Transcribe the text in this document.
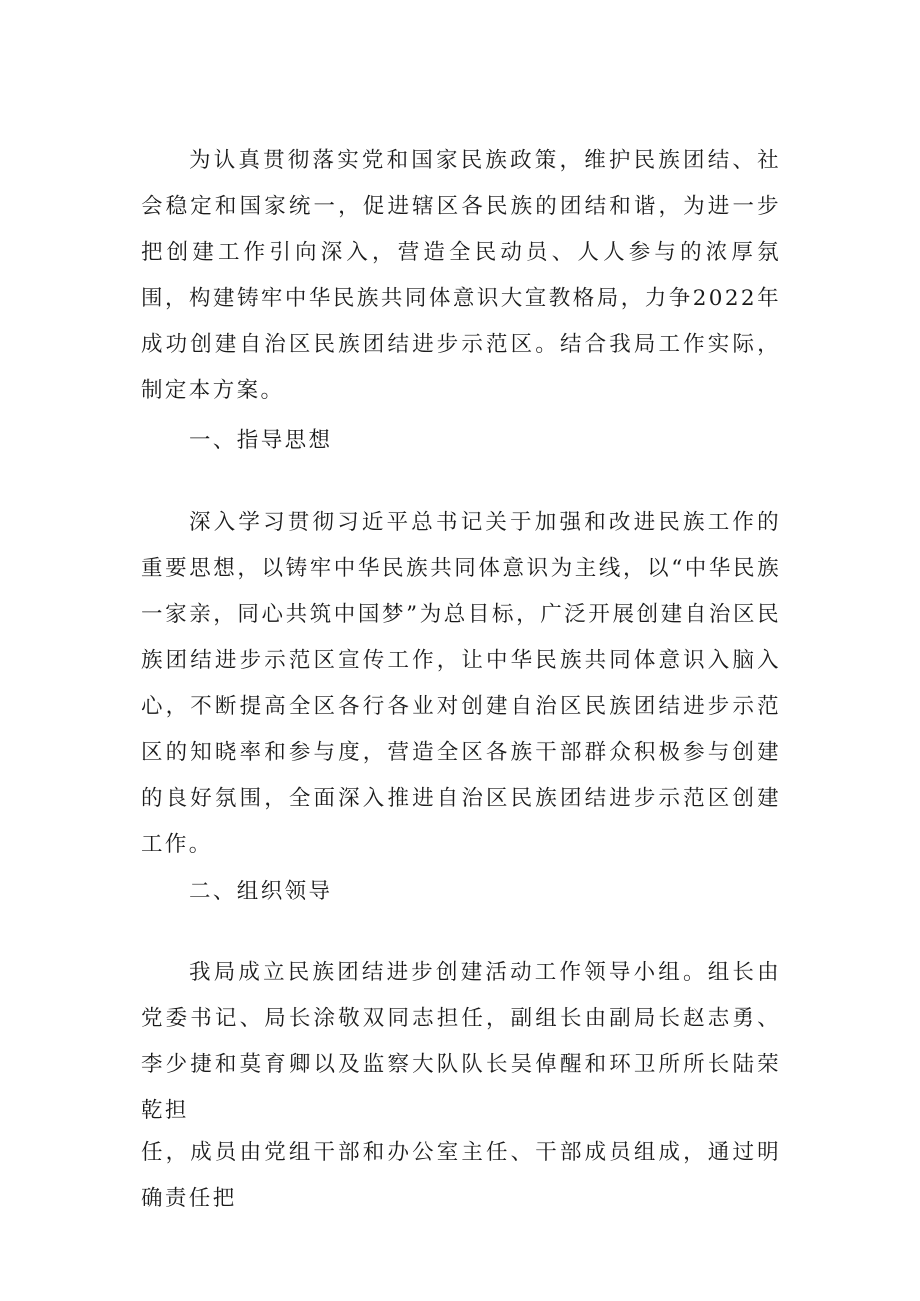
为认真贯彻落实党和国家民族政策，维护民族团结、社会稳定和国家统一，促进辖区各民族的团结和谐，为进一步把创建工作引向深入，营造全民动员、人人参与的浓厚氛围，构建铸牢中华民族共同体意识大宣教格局，力争2022年成功创建自治区民族团结进步示范区。结合我局工作实际，制定本方案。

一、指导思想

深入学习贯彻习近平总书记关于加强和改进民族工作的重要思想，以铸牢中华民族共同体意识为主线，以“中华民族一家亲，同心共筑中国梦”为总目标，广泛开展创建自治区民族团结进步示范区宣传工作，让中华民族共同体意识入脑入心，不断提高全区各行各业对创建自治区民族团结进步示范区的知晓率和参与度，营造全区各族干部群众积极参与创建的良好氛围，全面深入推进自治区民族团结进步示范区创建工作。

二、组织领导

我局成立民族团结进步创建活动工作领导小组。组长由党委书记、局长涂敬双同志担任，副组长由副局长赵志勇、李少捷和莫育卿以及监察大队队长吴倬醒和环卫所所长陆荣乾担

任，成员由党组干部和办公室主任、干部成员组成，通过明确责任把
